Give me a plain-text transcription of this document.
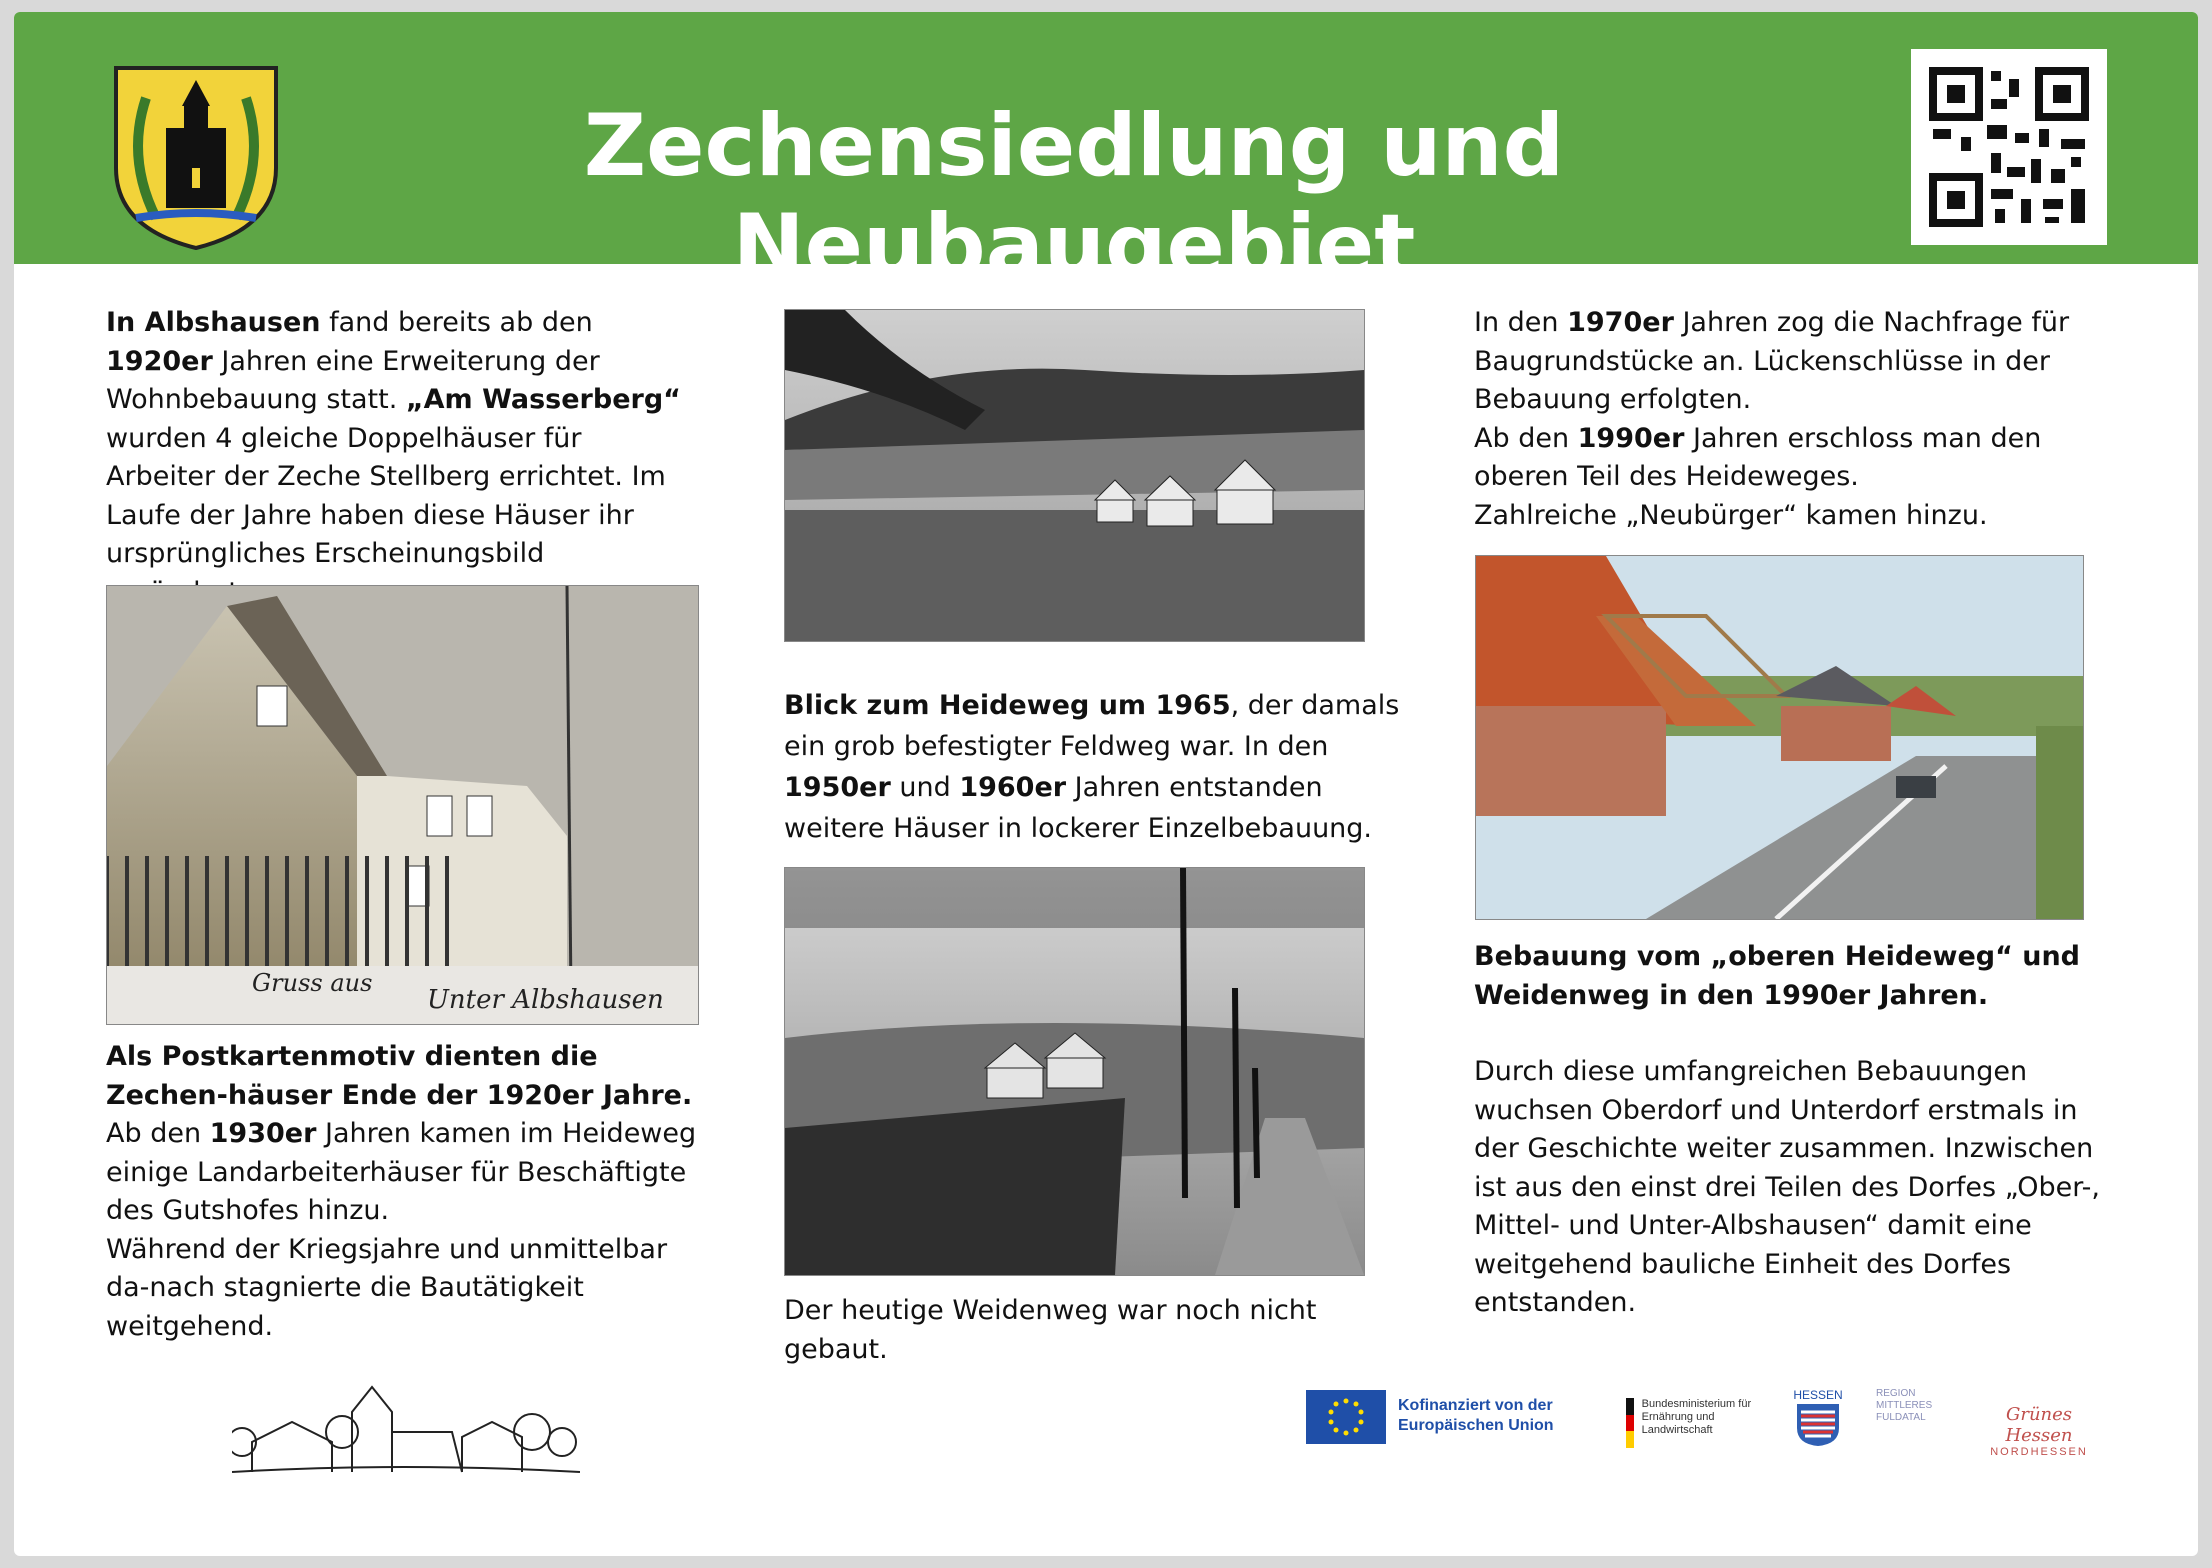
Zechensiedlung und Neubaugebiet

In Albshausen fand bereits ab den 1920er Jahren eine Erweiterung der Wohnbebauung statt. „Am Wasserberg“ wurden 4 gleiche Doppelhäuser für Arbeiter der Zeche Stellberg errichtet. Im Laufe der Jahre haben diese Häuser ihr ursprüngliches Erscheinungsbild

Gruss aus
Unter Albshausen

Als Postkartenmotiv dienten die Zechen-häuser Ende der 1920er Jahre.

Ab den 1930er Jahren kamen im Heideweg einige Landarbeiterhäuser für Beschäftigte des Gutshofes hinzu.

Während der Kriegsjahre und unmittelbar da-nach stagnierte die Bautätigkeit weitgehend.

Blick zum Heideweg um 1965, der damals ein grob befestigter Feldweg war. In den 1950er und 1960er Jahren entstanden weitere Häuser in lockerer Einzelbebauung.

Der heutige Weidenweg war noch nicht gebaut.

In den 1970er Jahren zog die Nachfrage für Baugrundstücke an. Lückenschlüsse in der Bebauung erfolgten.

Ab den 1990er Jahren erschloss man den oberen Teil des Heideweges.

Zahlreiche „Neubürger“ kamen hinzu.

Bebauung vom „oberen Heideweg“ und Weidenweg in den 1990er Jahren.

Durch diese umfangreichen Bebauungen wuchsen Oberdorf und Unterdorf erstmals in der Geschichte weiter zusammen. Inzwischen ist aus den einst drei Teilen des Dorfes „Ober-, Mittel- und Unter-Albshausen“ damit eine weitgehend bauliche Einheit des Dorfes entstanden.

Kofinanziert von der Europäischen Union
Bundesministerium für Ernährung und Landwirtschaft
HESSEN	REGION MITTLERES FULDATAL	Grünes Hessen
NORDHESSEN
